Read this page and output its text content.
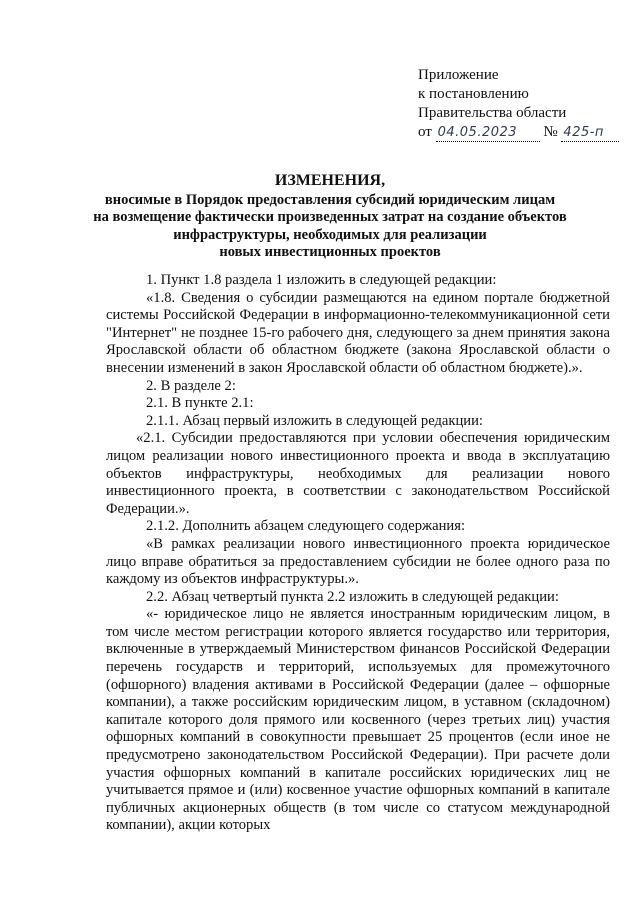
Приложение
к постановлению
Правительства области
от 04.05.2023 № 425-п
ИЗМЕНЕНИЯ,
вносимые в Порядок предоставления субсидий юридическим лицам
на возмещение фактически произведенных затрат на создание объектов
инфраструктуры, необходимых для реализации
новых инвестиционных проектов

1. Пункт 1.8 раздела 1 изложить в следующей редакции:

«1.8. Сведения о субсидии размещаются на едином портале бюджетной системы Российской Федерации в информационно-телекоммуникационной сети "Интернет" не позднее 15-го рабочего дня, следующего за днем принятия закона Ярославской области об областном бюджете (закона Ярославской области о внесении изменений в закон Ярославской области об областном бюджете).».

2. В разделе 2:

2.1. В пункте 2.1:

2.1.1. Абзац первый изложить в следующей редакции:

«2.1. Субсидии предоставляются при условии обеспечения юридическим лицом реализации нового инвестиционного проекта и ввода в эксплуатацию объектов инфраструктуры, необходимых для реализации нового инвестиционного проекта, в соответствии с законодательством Российской Федерации.».

2.1.2. Дополнить абзацем следующего содержания:

«В рамках реализации нового инвестиционного проекта юридическое лицо вправе обратиться за предоставлением субсидии не более одного раза по каждому из объектов инфраструктуры.».

2.2. Абзац четвертый пункта 2.2 изложить в следующей редакции:

«- юридическое лицо не является иностранным юридическим лицом, в том числе местом регистрации которого является государство или территория, включенные в утверждаемый Министерством финансов Российской Федерации перечень государств и территорий, используемых для промежуточного (офшорного) владения активами в Российской Федерации (далее – офшорные компании), а также российским юридическим лицом, в уставном (складочном) капитале которого доля прямого или косвенного (через третьих лиц) участия офшорных компаний в совокупности превышает 25 процентов (если иное не предусмотрено законодательством Российской Федерации). При расчете доли участия офшорных компаний в капитале российских юридических лиц не учитывается прямое и (или) косвенное участие офшорных компаний в капитале публичных акционерных обществ (в том числе со статусом международной компании), акции которых
